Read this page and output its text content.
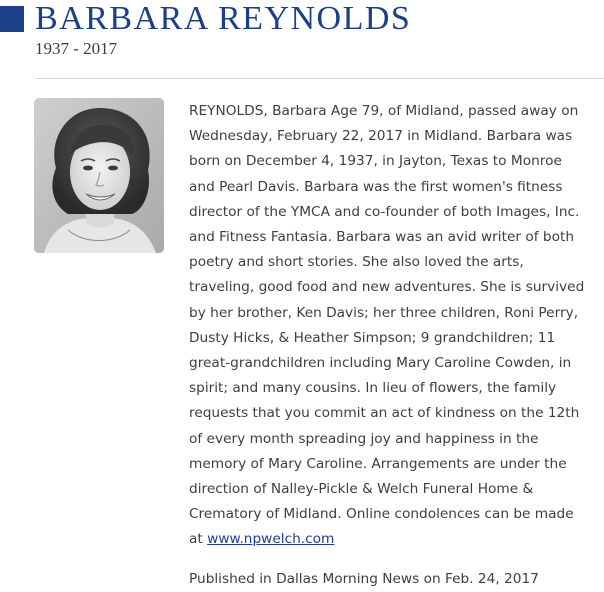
BARBARA REYNOLDS
1937 - 2017

REYNOLDS, Barbara Age 79, of Midland, passed away on Wednesday, February 22, 2017 in Midland. Barbara was born on December 4, 1937, in Jayton, Texas to Monroe and Pearl Davis. Barbara was the first women's fitness director of the YMCA and co-founder of both Images, Inc. and Fitness Fantasia. Barbara was an avid writer of both poetry and short stories. She also loved the arts, traveling, good food and new adventures. She is survived by her brother, Ken Davis; her three children, Roni Perry, Dusty Hicks, & Heather Simpson; 9 grandchildren; 11 great-grandchildren including Mary Caroline Cowden, in spirit; and many cousins. In lieu of flowers, the family requests that you commit an act of kindness on the 12th of every month spreading joy and happiness in the memory of Mary Caroline. Arrangements are under the direction of Nalley-Pickle & Welch Funeral Home & Crematory of Midland. Online condolences can be made at www.npwelch.com

Published in Dallas Morning News on Feb. 24, 2017
